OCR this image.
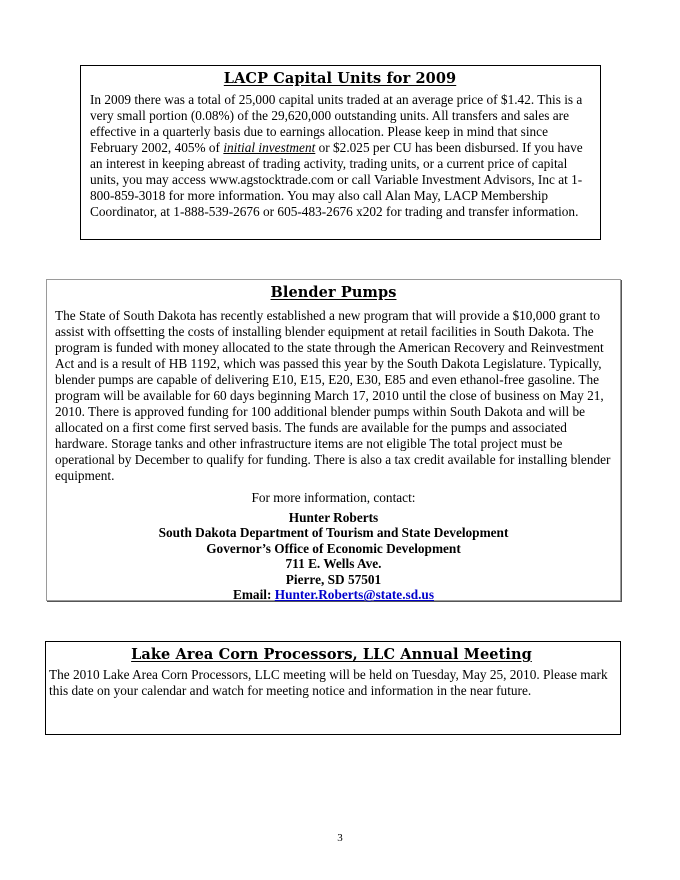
LACP Capital Units for 2009

In 2009 there was a total of 25,000 capital units traded at an average price of $1.42. This is a very small portion (0.08%) of the 29,620,000 outstanding units. All transfers and sales are effective in a quarterly basis due to earnings allocation. Please keep in mind that since February 2002, 405% of initial investment or $2.025 per CU has been disbursed. If you have an interest in keeping abreast of trading activity, trading units, or a current price of capital units, you may access www.agstocktrade.com or call Variable Investment Advisors, Inc at 1-800-859-3018 for more information. You may also call Alan May, LACP Membership Coordinator, at 1-888-539-2676 or 605-483-2676 x202 for trading and transfer information.

Blender Pumps

The State of South Dakota has recently established a new program that will provide a $10,000 grant to assist with offsetting the costs of installing blender equipment at retail facilities in South Dakota. The program is funded with money allocated to the state through the American Recovery and Reinvestment Act and is a result of HB 1192, which was passed this year by the South Dakota Legislature. Typically, blender pumps are capable of delivering E10, E15, E20, E30, E85 and even ethanol-free gasoline. The program will be available for 60 days beginning March 17, 2010 until the close of business on May 21, 2010. There is approved funding for 100 additional blender pumps within South Dakota and will be allocated on a first come first served basis. The funds are available for the pumps and associated hardware. Storage tanks and other infrastructure items are not eligible The total project must be operational by December to qualify for funding. There is also a tax credit available for installing blender equipment.

For more information, contact:
Hunter Roberts
South Dakota Department of Tourism and State Development
Governor’s Office of Economic Development
711 E. Wells Ave.
Pierre, SD 57501
Email: Hunter.Roberts@state.sd.us
Lake Area Corn Processors, LLC Annual Meeting

The 2010 Lake Area Corn Processors, LLC meeting will be held on Tuesday, May 25, 2010. Please mark this date on your calendar and watch for meeting notice and information in the near future.

3
